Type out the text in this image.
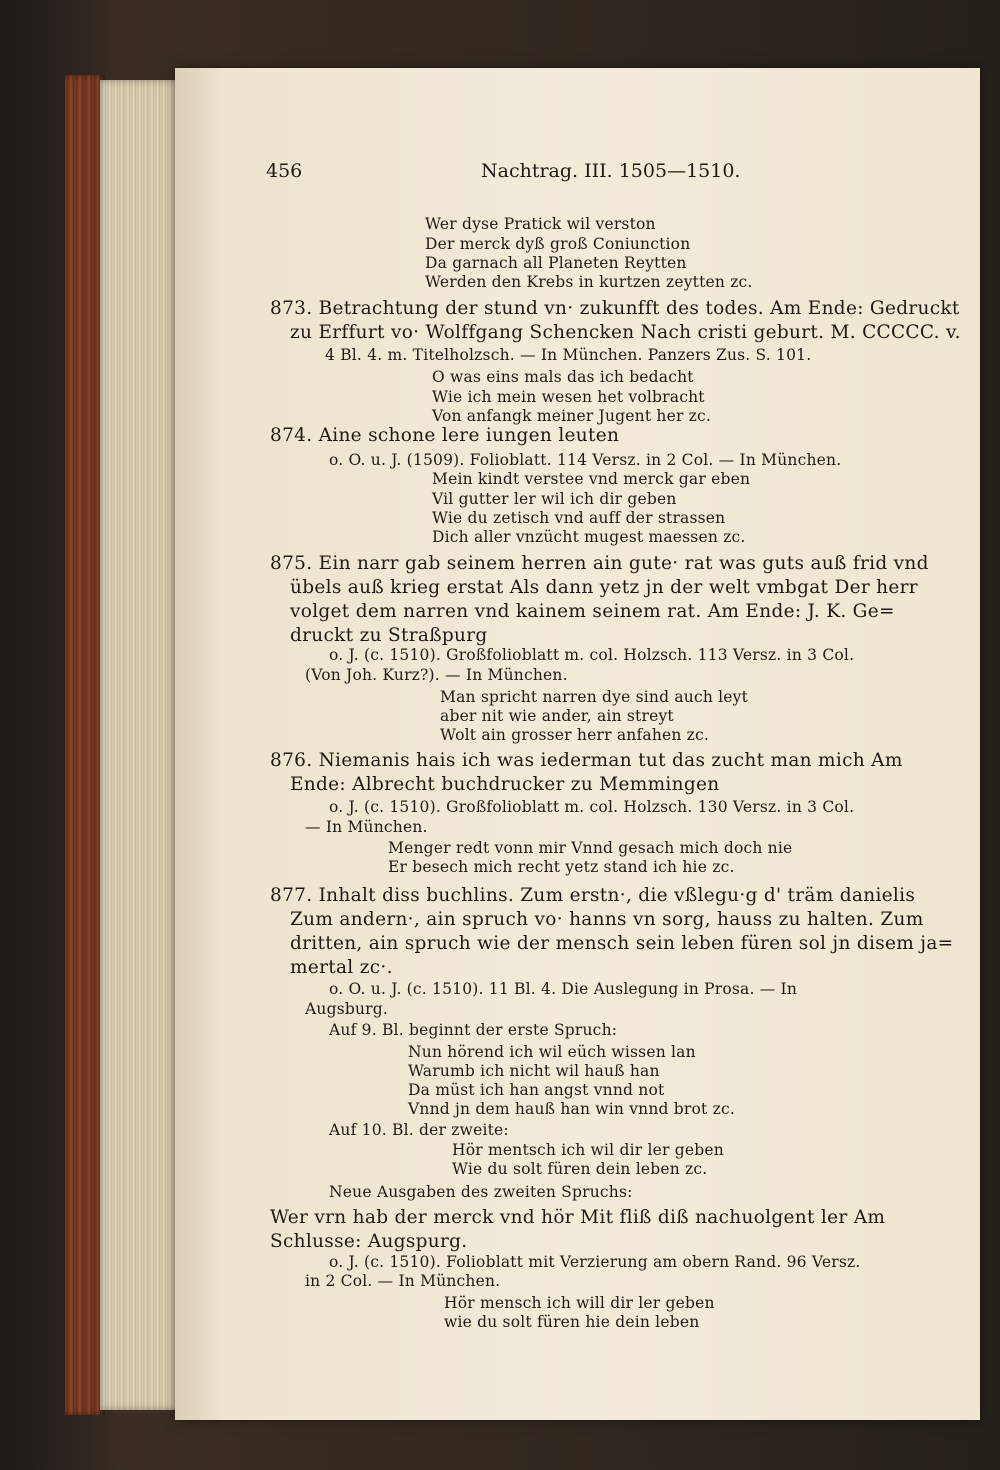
456	Nachtrag. III. 1505—1510.
Wer dyse Pratick wil verston
Der merck dyß groß Coniunction
Da garnach all Planeten Reytten
Werden den Krebs in kurtzen zeytten zc.
873. Betrachtung der stund vn· zukunfft des todes. Am Ende: Gedruckt
zu Erffurt vo· Wolffgang Schencken Nach cristi geburt. M. CCCCC. v.
4 Bl. 4. m. Titelholzsch. — In München. Panzers Zus. S. 101.
O was eins mals das ich bedacht
Wie ich mein wesen het volbracht
Von anfangk meiner Jugent her zc.
874. Aine schone lere iungen leuten
o. O. u. J. (1509). Folioblatt. 114 Versz. in 2 Col. — In München.
Mein kindt verstee vnd merck gar eben
Vil gutter ler wil ich dir geben
Wie du zetisch vnd auff der strassen
Dich aller vnzücht mugest maessen zc.
875. Ein narr gab seinem herren ain gute· rat was guts auß frid vnd
übels auß krieg erstat Als dann yetz jn der welt vmbgat Der herr
volget dem narren vnd kainem seinem rat. Am Ende: J. K. Ge=
druckt zu Straßpurg
o. J. (c. 1510). Großfolioblatt m. col. Holzsch. 113 Versz. in 3 Col.
(Von Joh. Kurz?). — In München.
Man spricht narren dye sind auch leyt
aber nit wie ander, ain streyt
Wolt ain grosser herr anfahen zc.
876. Niemanis hais ich was iederman tut das zucht man mich Am
Ende: Albrecht buchdrucker zu Memmingen
o. J. (c. 1510). Großfolioblatt m. col. Holzsch. 130 Versz. in 3 Col.
— In München.
Menger redt vonn mir Vnnd gesach mich doch nie
Er besech mich recht yetz stand ich hie zc.
877. Inhalt diss buchlins. Zum erstn·, die vßlegu·g d' träm danielis
Zum andern·, ain spruch vo· hanns vn sorg, hauss zu halten. Zum
dritten, ain spruch wie der mensch sein leben füren sol jn disem ja=
mertal zc·.
o. O. u. J. (c. 1510). 11 Bl. 4. Die Auslegung in Prosa. — In
Augsburg.
Auf 9. Bl. beginnt der erste Spruch:
Nun hörend ich wil eüch wissen lan
Warumb ich nicht wil hauß han
Da müst ich han angst vnnd not
Vnnd jn dem hauß han win vnnd brot zc.
Auf 10. Bl. der zweite:
Hör mentsch ich wil dir ler geben
Wie du solt füren dein leben zc.
Neue Ausgaben des zweiten Spruchs:
Wer vrn hab der merck vnd hör Mit fliß diß nachuolgent ler Am
Schlusse: Augspurg.
o. J. (c. 1510). Folioblatt mit Verzierung am obern Rand. 96 Versz.
in 2 Col. — In München.
Hör mensch ich will dir ler geben
wie du solt füren hie dein leben
